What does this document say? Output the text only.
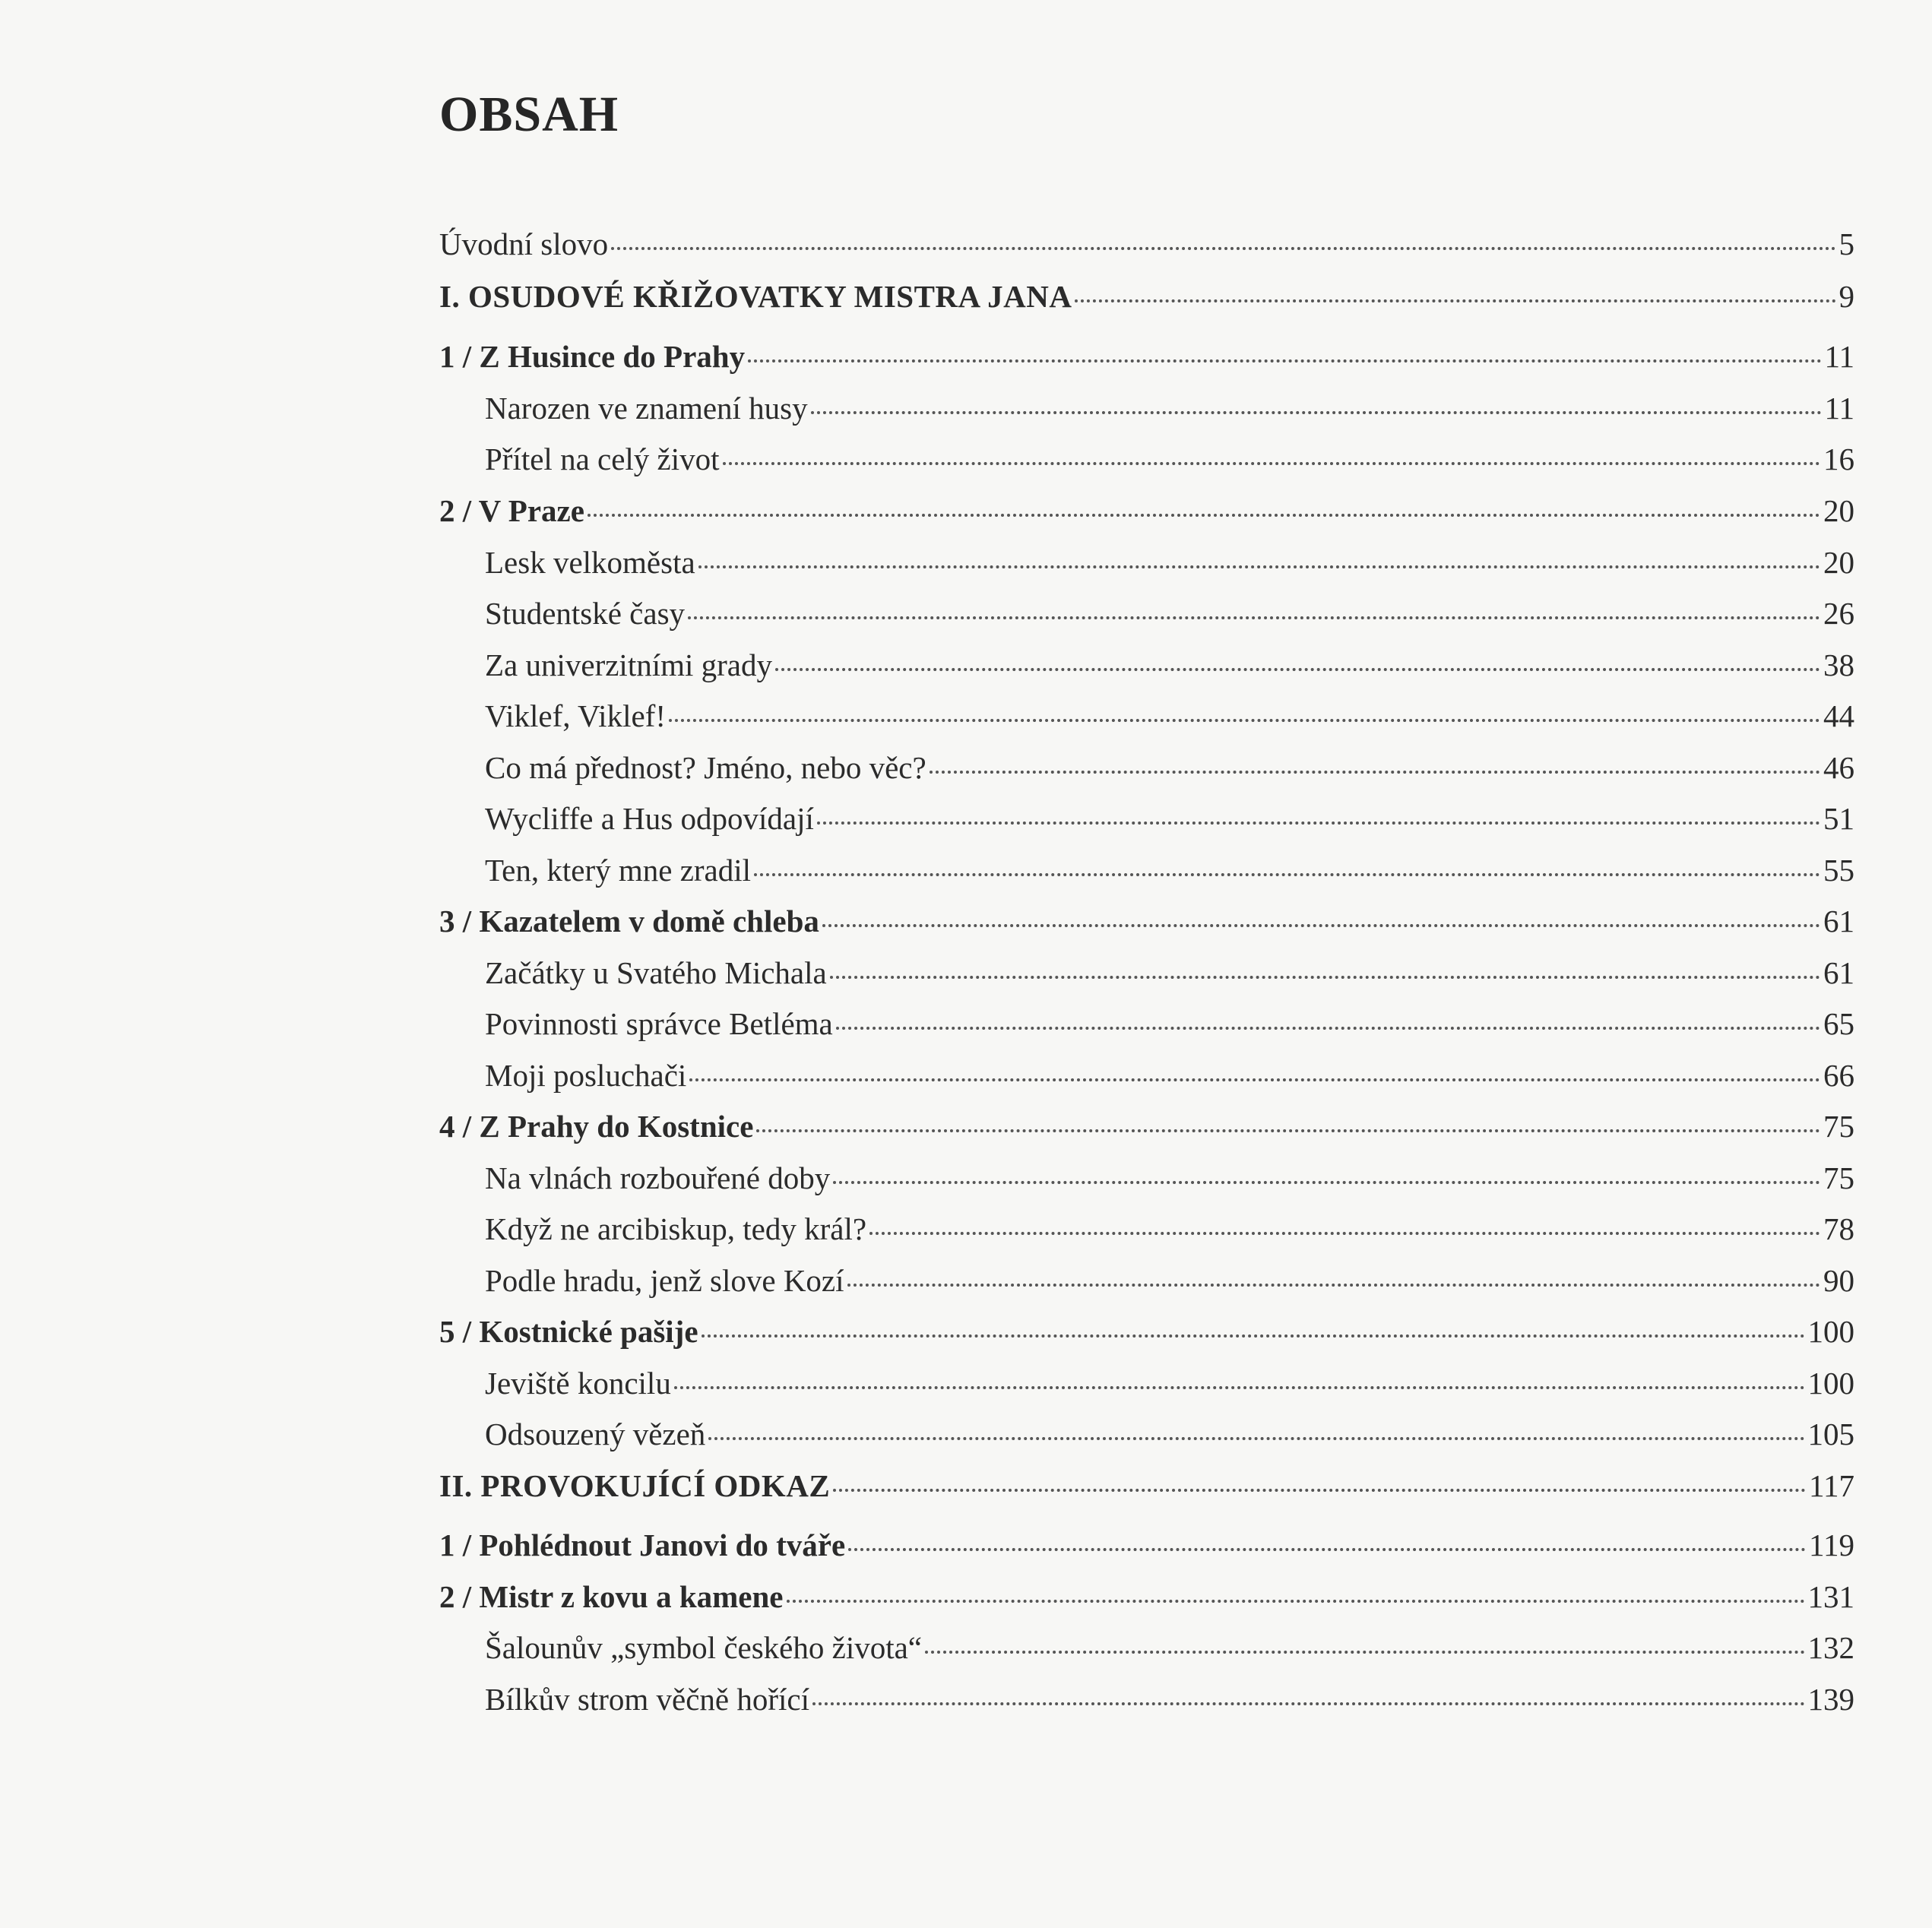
OBSAH
Úvodní slovo	5
I. OSUDOVÉ KŘIŽOVATKY MISTRA JANA	9
1 / Z Husince do Prahy	11
Narozen ve znamení husy	11
Přítel na celý život	16
2 / V Praze	20
Lesk velkoměsta	20
Studentské časy	26
Za univerzitními grady	38
Viklef, Viklef!	44
Co má přednost? Jméno, nebo věc?	46
Wycliffe a Hus odpovídají	51
Ten, který mne zradil	55
3 / Kazatelem v domě chleba	61
Začátky u Svatého Michala	61
Povinnosti správce Betléma	65
Moji posluchači	66
4 / Z Prahy do Kostnice	75
Na vlnách rozbouřené doby	75
Když ne arcibiskup, tedy král?	78
Podle hradu, jenž slove Kozí	90
5 / Kostnické pašije	100
Jeviště koncilu	100
Odsouzený vězeň	105
II. PROVOKUJÍCÍ ODKAZ	117
1 / Pohlédnout Janovi do tváře	119
2 / Mistr z kovu a kamene	131
Šalounův „symbol českého života“	132
Bílkův strom věčně hořící	139
